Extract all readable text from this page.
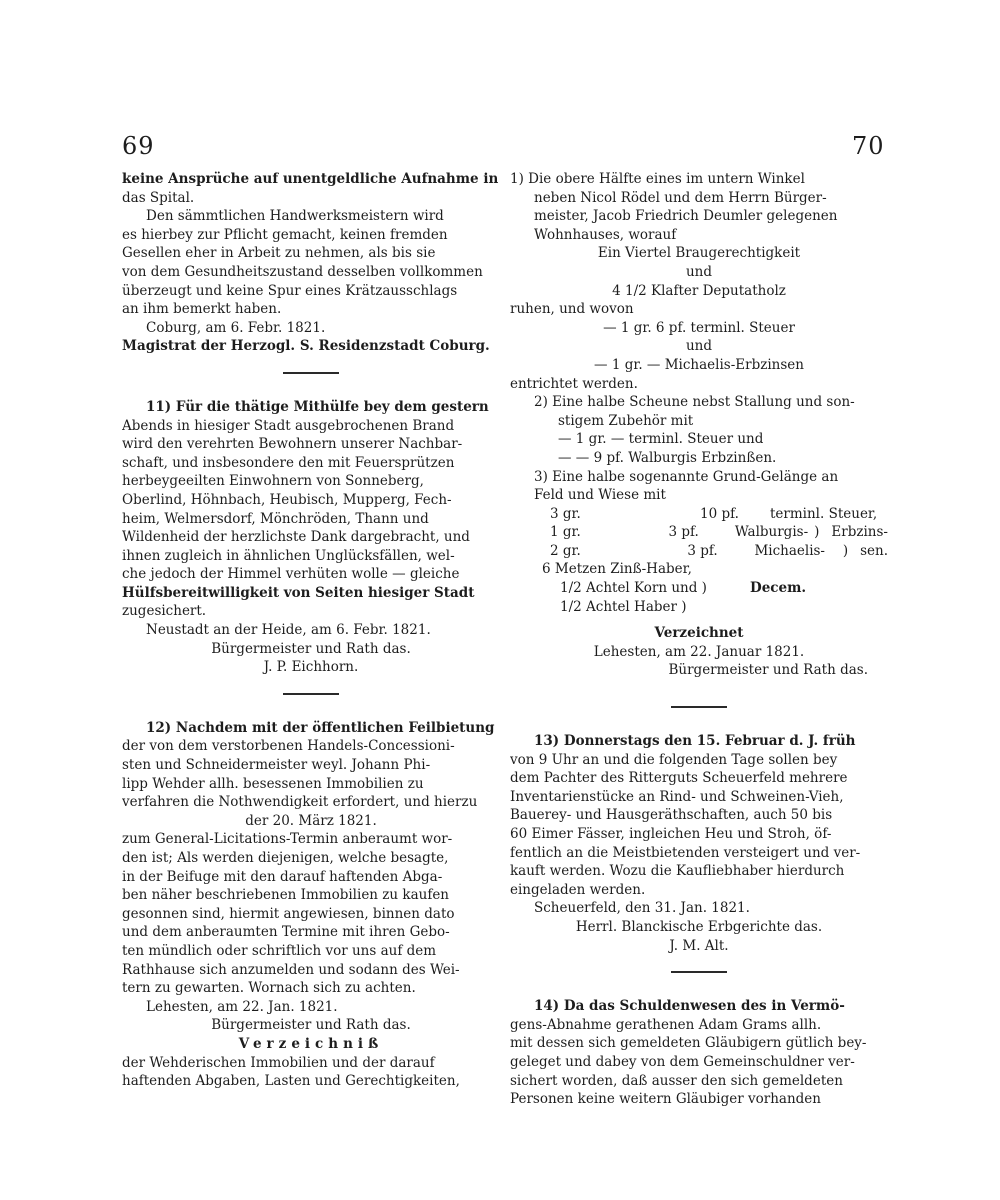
69	70
keine Ansprüche auf unentgeldliche Aufnahme in
das Spital.
Den sämmtlichen Handwerksmeistern wird
es hierbey zur Pflicht gemacht, keinen fremden
Gesellen eher in Arbeit zu nehmen, als bis sie
von dem Gesundheitszustand desselben vollkommen
überzeugt und keine Spur eines Krätzausschlags
an ihm bemerkt haben.
Coburg, am 6. Febr. 1821.
Magistrat der Herzogl. S. Residenzstadt Coburg.
11) Für die thätige Mithülfe bey dem gestern
Abends in hiesiger Stadt ausgebrochenen Brand
wird den verehrten Bewohnern unserer Nachbar-
schaft, und insbesondere den mit Feuersprützen
herbeygeeilten Einwohnern von Sonneberg,
Oberlind, Höhnbach, Heubisch, Mupperg, Fech-
heim, Welmersdorf, Mönchröden, Thann und
Wildenheid der herzlichste Dank dargebracht, und
ihnen zugleich in ähnlichen Unglücksfällen, wel-
che jedoch der Himmel verhüten wolle — gleiche
Hülfsbereitwilligkeit von Seiten hiesiger Stadt
zugesichert.
Neustadt an der Heide, am 6. Febr. 1821.
Bürgermeister und Rath das.
J. P. Eichhorn.
12) Nachdem mit der öffentlichen Feilbietung
der von dem verstorbenen Handels-Concessioni-
sten und Schneidermeister weyl. Johann Phi-
lipp Wehder allh. besessenen Immobilien zu
verfahren die Nothwendigkeit erfordert, und hierzu
der 20. März 1821.
zum General-Licitations-Termin anberaumt wor-
den ist; Als werden diejenigen, welche besagte,
in der Beifuge mit den darauf haftenden Abga-
ben näher beschriebenen Immobilien zu kaufen
gesonnen sind, hiermit angewiesen, binnen dato
und dem anberaumten Termine mit ihren Gebo-
ten mündlich oder schriftlich vor uns auf dem
Rathhause sich anzumelden und sodann des Wei-
tern zu gewarten. Wornach sich zu achten.
Lehesten, am 22. Jan. 1821.
Bürgermeister und Rath das.
Verzeichniß
der Wehderischen Immobilien und der darauf
haftenden Abgaben, Lasten und Gerechtigkeiten,
1) Die obere Hälfte eines im untern Winkel
neben Nicol Rödel und dem Herrn Bürger-
meister, Jacob Friedrich Deumler gelegenen
Wohnhauses, worauf
Ein Viertel Braugerechtigkeit
und
4 1/2 Klafter Deputatholz
ruhen, und wovon
— 1 gr. 6 pf. terminl. Steuer
und
— 1 gr. — Michaelis-Erbzinsen
entrichtet werden.
2) Eine halbe Scheune nebst Stallung und son-
stigem Zubehör mit
— 1 gr. — terminl. Steuer und
— — 9 pf. Walburgis Erbzinßen.
3) Eine halbe sogenannte Grund-Gelänge an
Feld und Wiese mit
3 gr.	10 pf.	terminl. Steuer,
1 gr.	3 pf.	Walburgis- ) Erbzins-
2 gr.	3 pf.	Michaelis-	) sen.
6 Metzen Zinß-Haber,
1/2 Achtel Korn und )	Decem.
1/2 Achtel Haber )
Verzeichnet
Lehesten, am 22. Januar 1821.
Bürgermeister und Rath das.
13) Donnerstags den 15. Februar d. J. früh
von 9 Uhr an und die folgenden Tage sollen bey
dem Pachter des Ritterguts Scheuerfeld mehrere
Inventarienstücke an Rind- und Schweinen-Vieh,
Bauerey- und Hausgeräthschaften, auch 50 bis
60 Eimer Fässer, ingleichen Heu und Stroh, öf-
fentlich an die Meistbietenden versteigert und ver-
kauft werden. Wozu die Kaufliebhaber hierdurch
eingeladen werden.
Scheuerfeld, den 31. Jan. 1821.
Herrl. Blanckische Erbgerichte das.
J. M. Alt.
14) Da das Schuldenwesen des in Vermö-
gens-Abnahme gerathenen Adam Grams allh.
mit dessen sich gemeldeten Gläubigern gütlich bey-
geleget und dabey von dem Gemeinschuldner ver-
sichert worden, daß ausser den sich gemeldeten
Personen keine weitern Gläubiger vorhanden
